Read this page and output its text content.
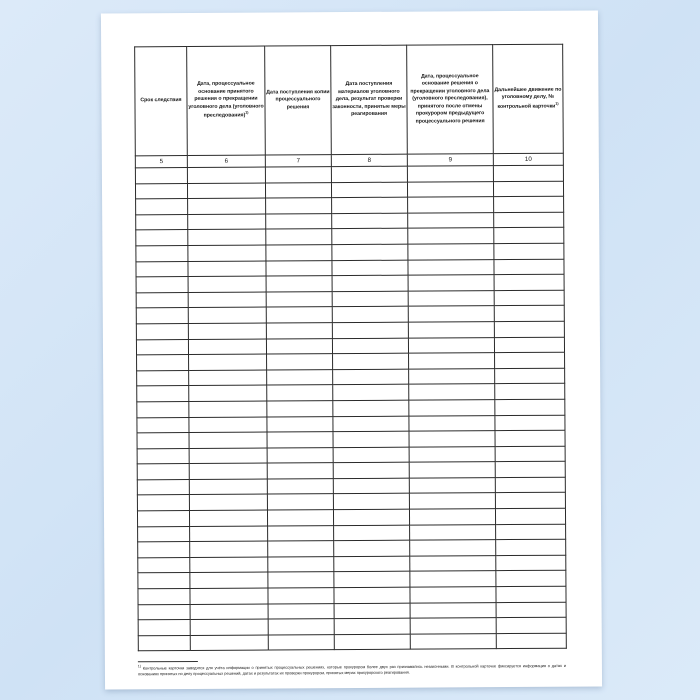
Срок следствия	Дата, процессуальное основание принятого решения о прекращении уголовного дела (уголовного преследования)$^{1)}$	Дата поступления копии процессуального решения	Дата поступления материалов уголовного дела, результат проверки законности, принятые меры реагирования	Дата, процессуальное основание решения о прекращении уголовного дела (уголовного преследования), принятого после отмены прокурором предыдущего процессуального решения	Дальнейшее движение по уголовному делу, № контрольной карточки$^{1)}$
5	6	7	8	9	10

1) Контрольные карточки заводятся для учёта информации о принятых процессуальных решениях, которые прокурором более двух раз признавались незаконными. В контрольной карточке фиксируется информация о датах и основаниях принятых по делу процессуальных решений, датах и результатах их проверки прокурором, принятых мерах прокурорского реагирования.
